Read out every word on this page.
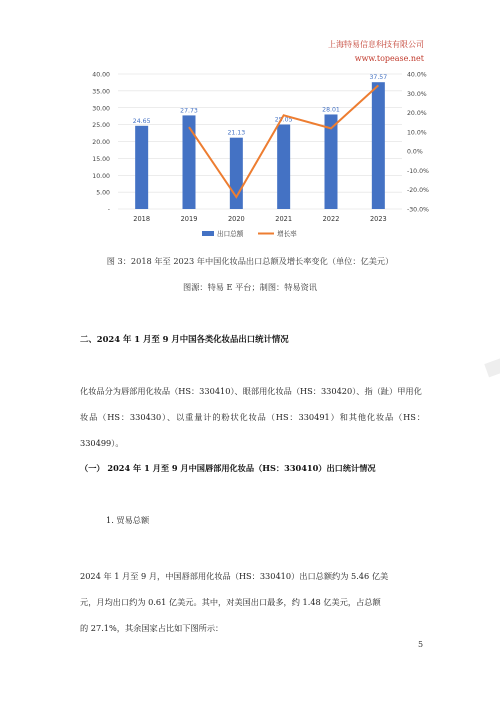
上海特易信息科技有限公司
www.topease.net
40.00
35.00
30.00
25.00
20.00
15.00
10.00
5.00
-
40.0%
30.0%
20.0%
10.0%
0.0%
-10.0%
-20.0%
-30.0%
24.65
2018
27.73
2019
21.13
2020
25.05
2021
28.01
2022
37.57
2023
出口总额	增长率
图 3：2018 年至 2023 年中国化妆品出口总额及增长率变化（单位：亿美元）
图源：特易 E 平台；制图：特易资讯
二、2024 年 1 月至 9 月中国各类化妆品出口统计情况
化妆品分为唇部用化妆品（HS：330410）、眼部用化妆品（HS：330420）、指（趾）甲用化
妆品（HS：330430）、以重量计的粉状化妆品（HS：330491）和其他化妆品（HS：330499）。
（一） 2024 年 1 月至 9 月中国唇部用化妆品（HS：330410）出口统计情况
1. 贸易总额
2024 年 1 月至 9 月，中国唇部用化妆品（HS：330410）出口总额约为 5.46 亿美
元，月均出口约为 0.61 亿美元。其中，对美国出口最多，约 1.48 亿美元，占总额
的 27.1%，其余国家占比如下图所示：
5
